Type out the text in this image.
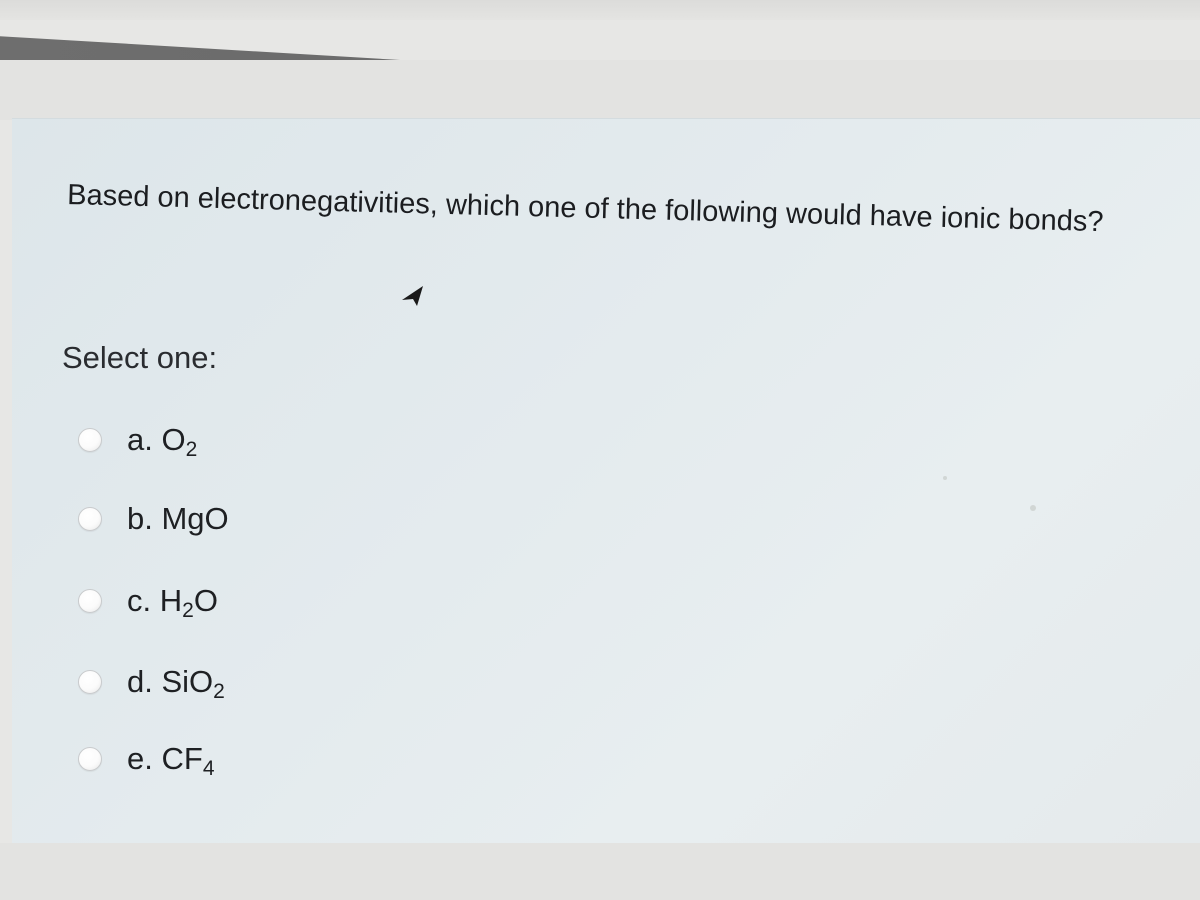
Based on electronegativities, which one of the following would have ionic bonds?

Select one:

a. $O_2$
b. MgO
c. $H_2O$
d. SiO$_2$
e. $CF_4$
